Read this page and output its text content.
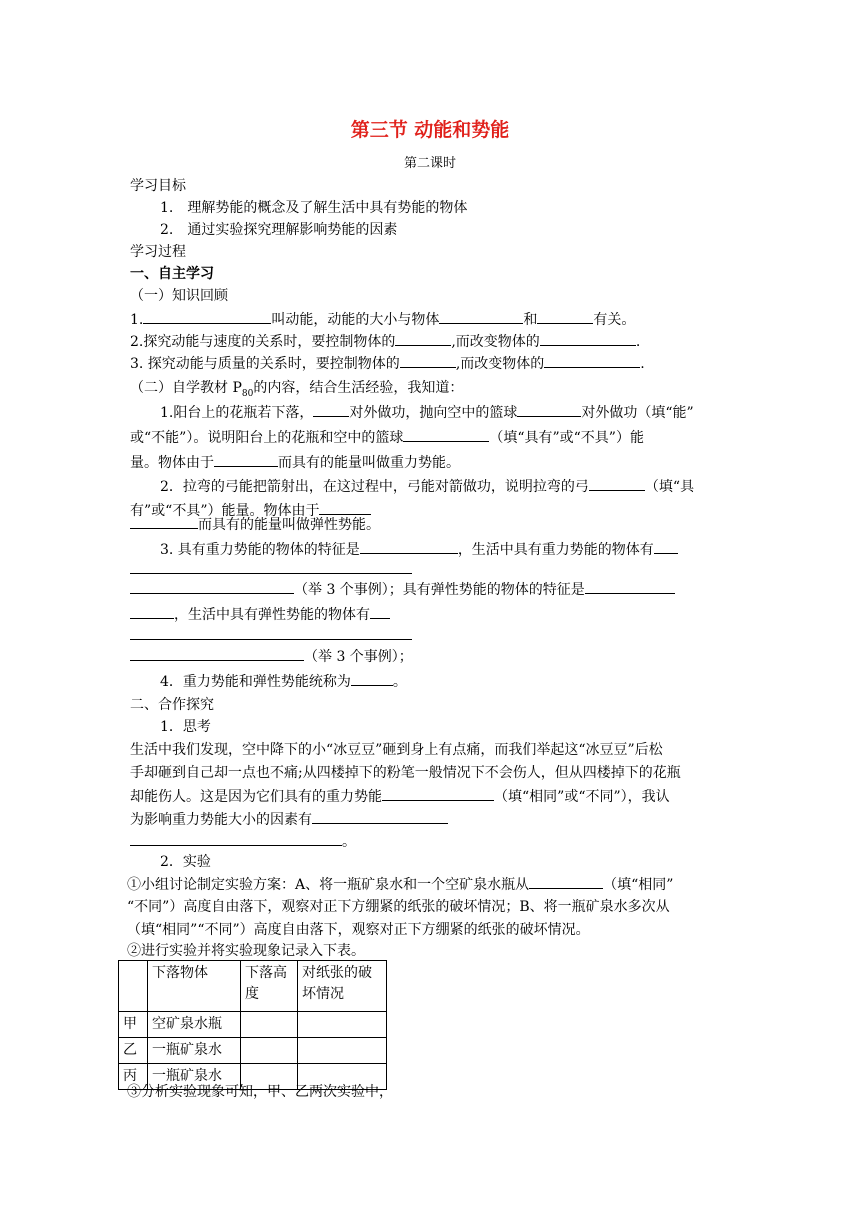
第三节 动能和势能
第二课时
学习目标
1.　理解势能的概念及了解生活中具有势能的物体
2.　通过实验探究理解影响势能的因素
学习过程
一、自主学习
（一）知识回顾
1.	叫动能，动能的大小与物体	和	有关。
2.探究动能与速度的关系时，要控制物体的	,而改变物体的	.
3. 探究动能与质量的关系时，要控制物体的	,而改变物体的	.
（二）自学教材 $P_{80}$的内容，结合生活经验，我知道：
1.阳台上的花瓶若下落，	对外做功，抛向空中的篮球	对外做功（填“能”
或“不能”）。说明阳台上的花瓶和空中的篮球	（填“具有”或“不具”）能
量。物体由于	而具有的能量叫做重力势能。
2．拉弯的弓能把箭射出，在这过程中，弓能对箭做功，说明拉弯的弓	（填“具
有”或“不具”）能量。物体由于
而具有的能量叫做弹性势能。
3. 具有重力势能的物体的特征是	，生活中具有重力势能的物体有
（举 3 个事例）；具有弹性势能的物体的特征是
，生活中具有弹性势能的物体有
（举 3 个事例）；
4．重力势能和弹性势能统称为	。
二、合作探究
1．思考
生活中我们发现，空中降下的小“冰豆豆”砸到身上有点痛，而我们举起这“冰豆豆”后松
手却砸到自己却一点也不痛;从四楼掉下的粉笔一般情况下不会伤人，但从四楼掉下的花瓶
却能伤人。这是因为它们具有的重力势能	（填“相同”或“不同”），我认
为影响重力势能大小的因素有
。
2．实验
①小组讨论制定实验方案：A、将一瓶矿泉水和一个空矿泉水瓶从	（填“相同”
“不同”）高度自由落下，观察对正下方绷紧的纸张的破坏情况；B、将一瓶矿泉水多次从
（填“相同”“不同”）高度自由落下，观察对正下方绷紧的纸张的破坏情况。
②进行实验并将实验现象记录入下表。
	下落物体	下落高度	对纸张的破坏情况
甲	空矿泉水瓶		
乙	一瓶矿泉水		
丙	一瓶矿泉水		
③分析实验现象可知，甲、乙两次实验中，
